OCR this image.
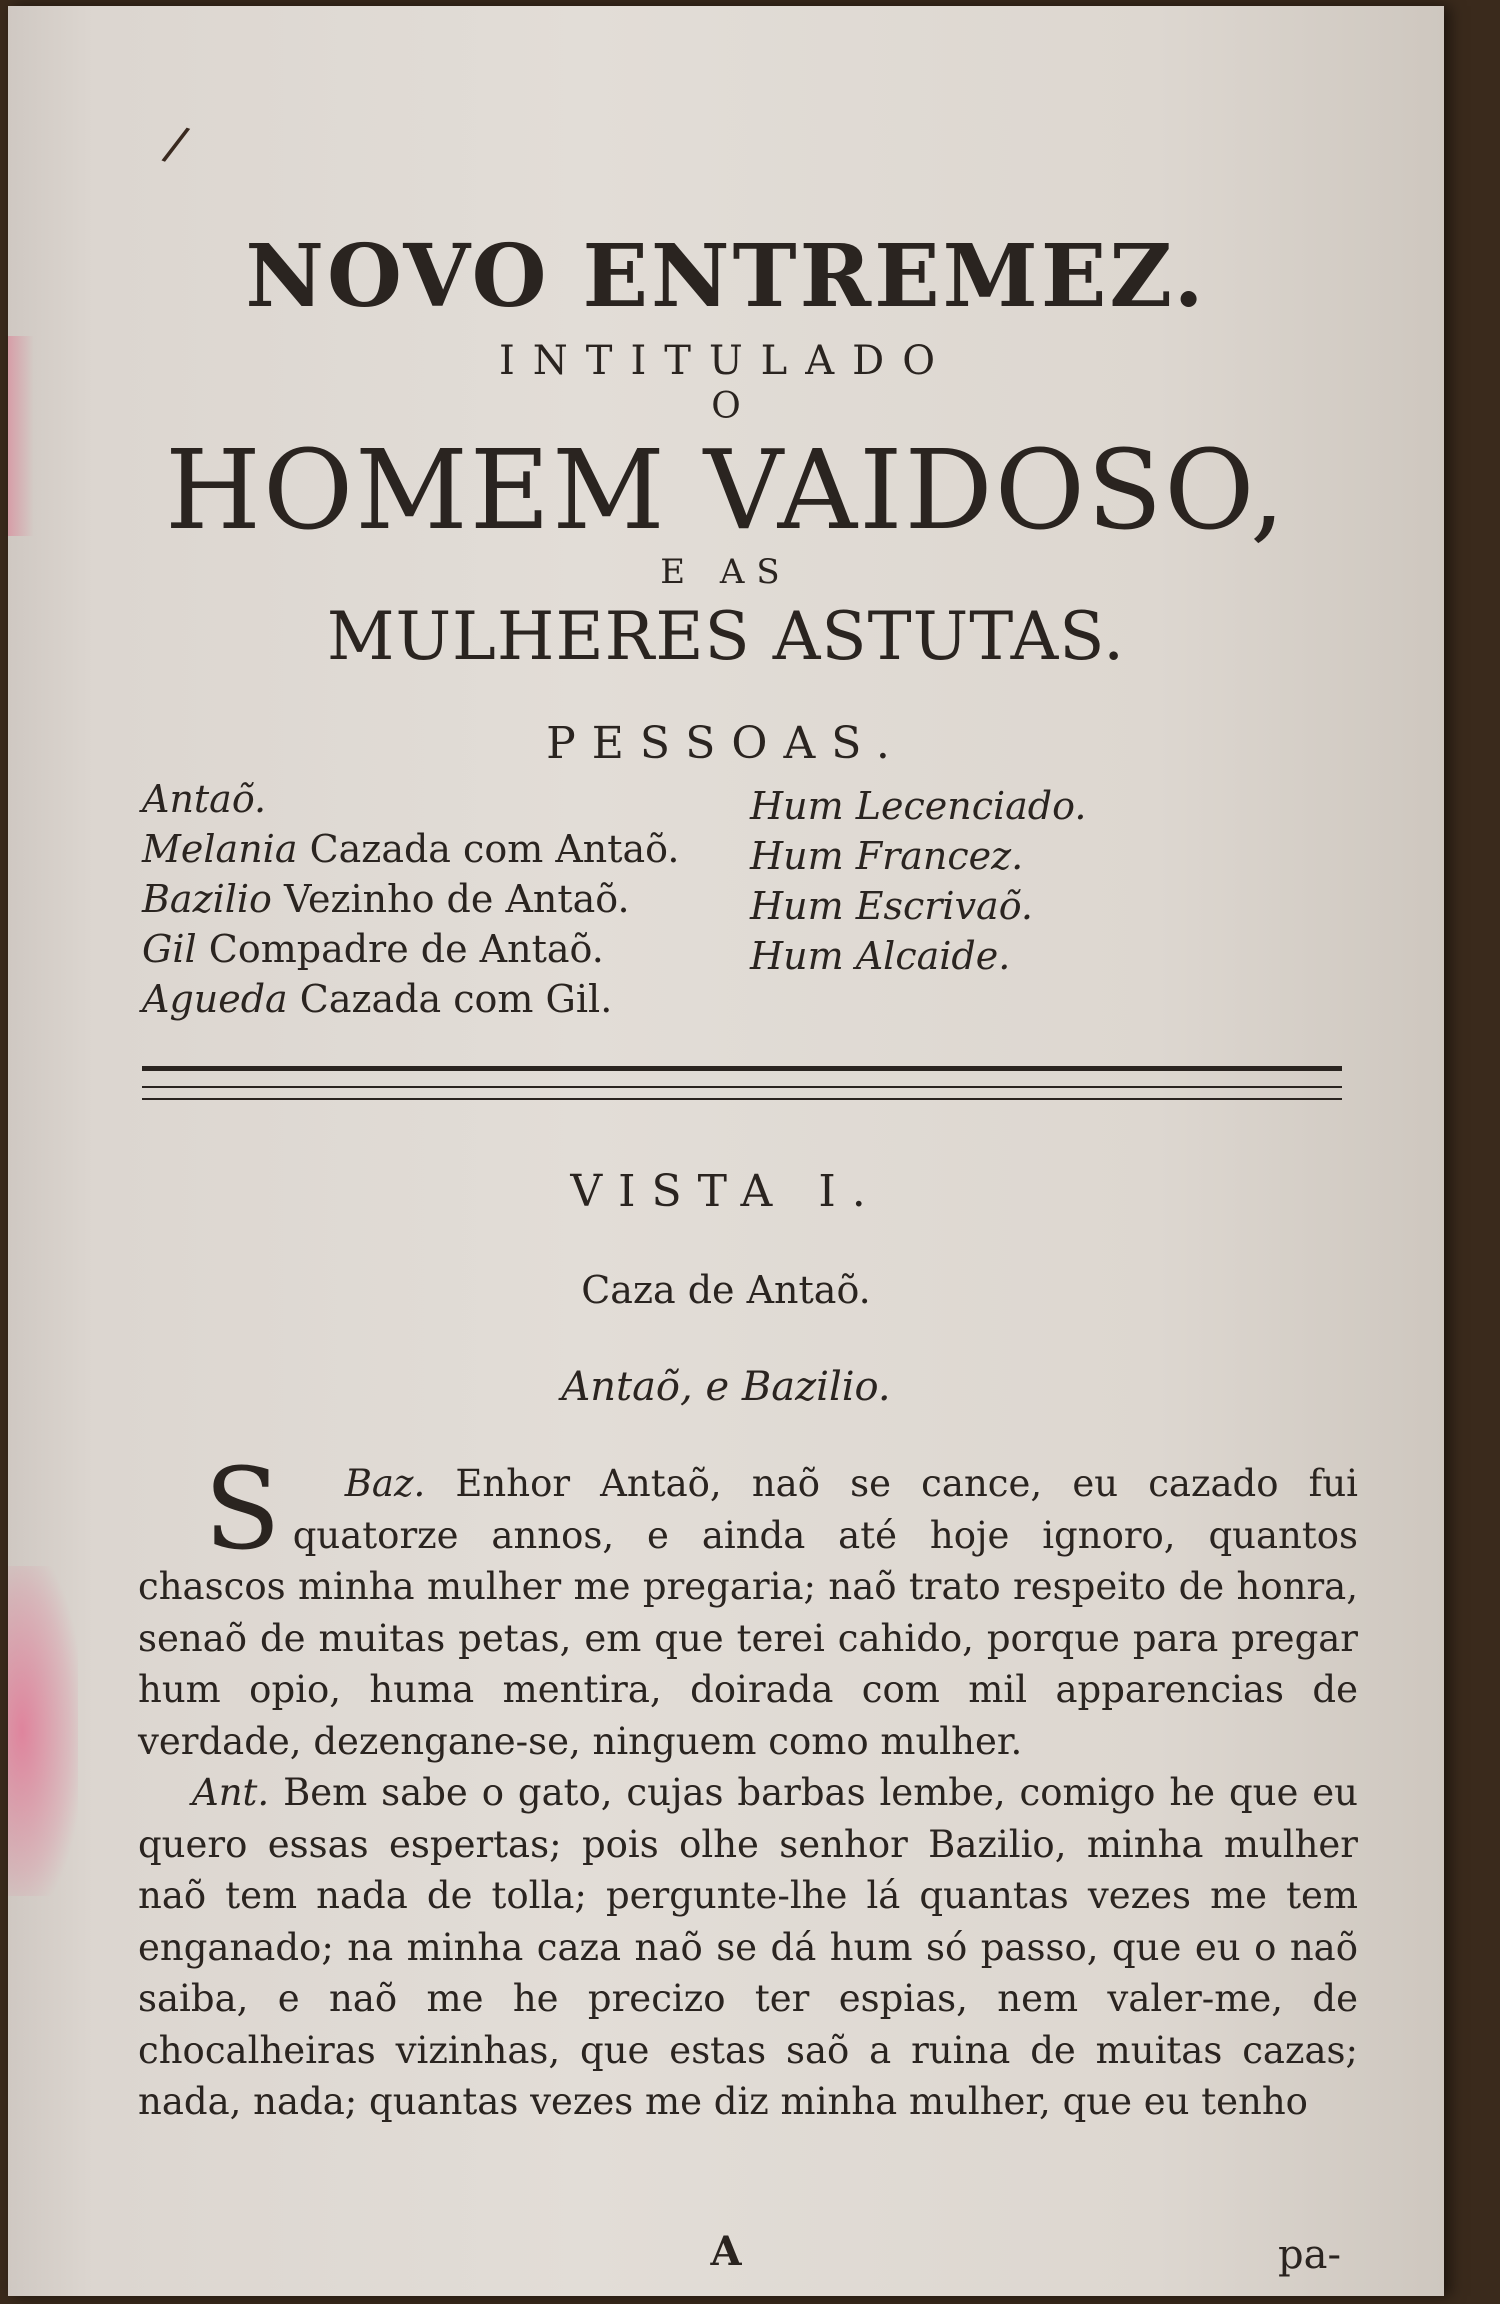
/
NOVO ENTREMEZ.
INTITULADO
O
HOMEM VAIDOSO,
E AS
MULHERES ASTUTAS.
PESSOAS.
Antaõ.
Melania Cazada com Antaõ.
Bazilio Vezinho de Antaõ.
Gil Compadre de Antaõ.
Agueda Cazada com Gil.
Hum Lecenciado.
Hum Francez.
Hum Escrivaõ.
Hum Alcaide.
VISTA I.
Caza de Antaõ.
Antaõ, e Bazilio.

Baz.
S	Enhor Antaõ, naõ se cance, eu cazado fui quatorze annos, e ainda até hoje ignoro, quantos chascos minha mulher me pregaria; naõ trato respeito de honra, senaõ de muitas petas, em que terei cahido, porque para pregar hum opio, huma mentira, doirada com mil apparencias de verdade, dezengane-se, ninguem como mulher.

Ant. Bem sabe o gato, cujas barbas lembe, comigo he que eu quero essas espertas; pois olhe senhor Bazilio, minha mulher naõ tem nada de tolla; pergunte-lhe lá quantas vezes me tem enganado; na minha caza naõ se dá hum só passo, que eu o naõ saiba, e naõ me he precizo ter espias, nem valer-me, de chocalheiras vizinhas, que estas saõ a ruina de muitas cazas; nada, nada; quantas vezes me diz minha mulher, que eu tenho

A	pa-
